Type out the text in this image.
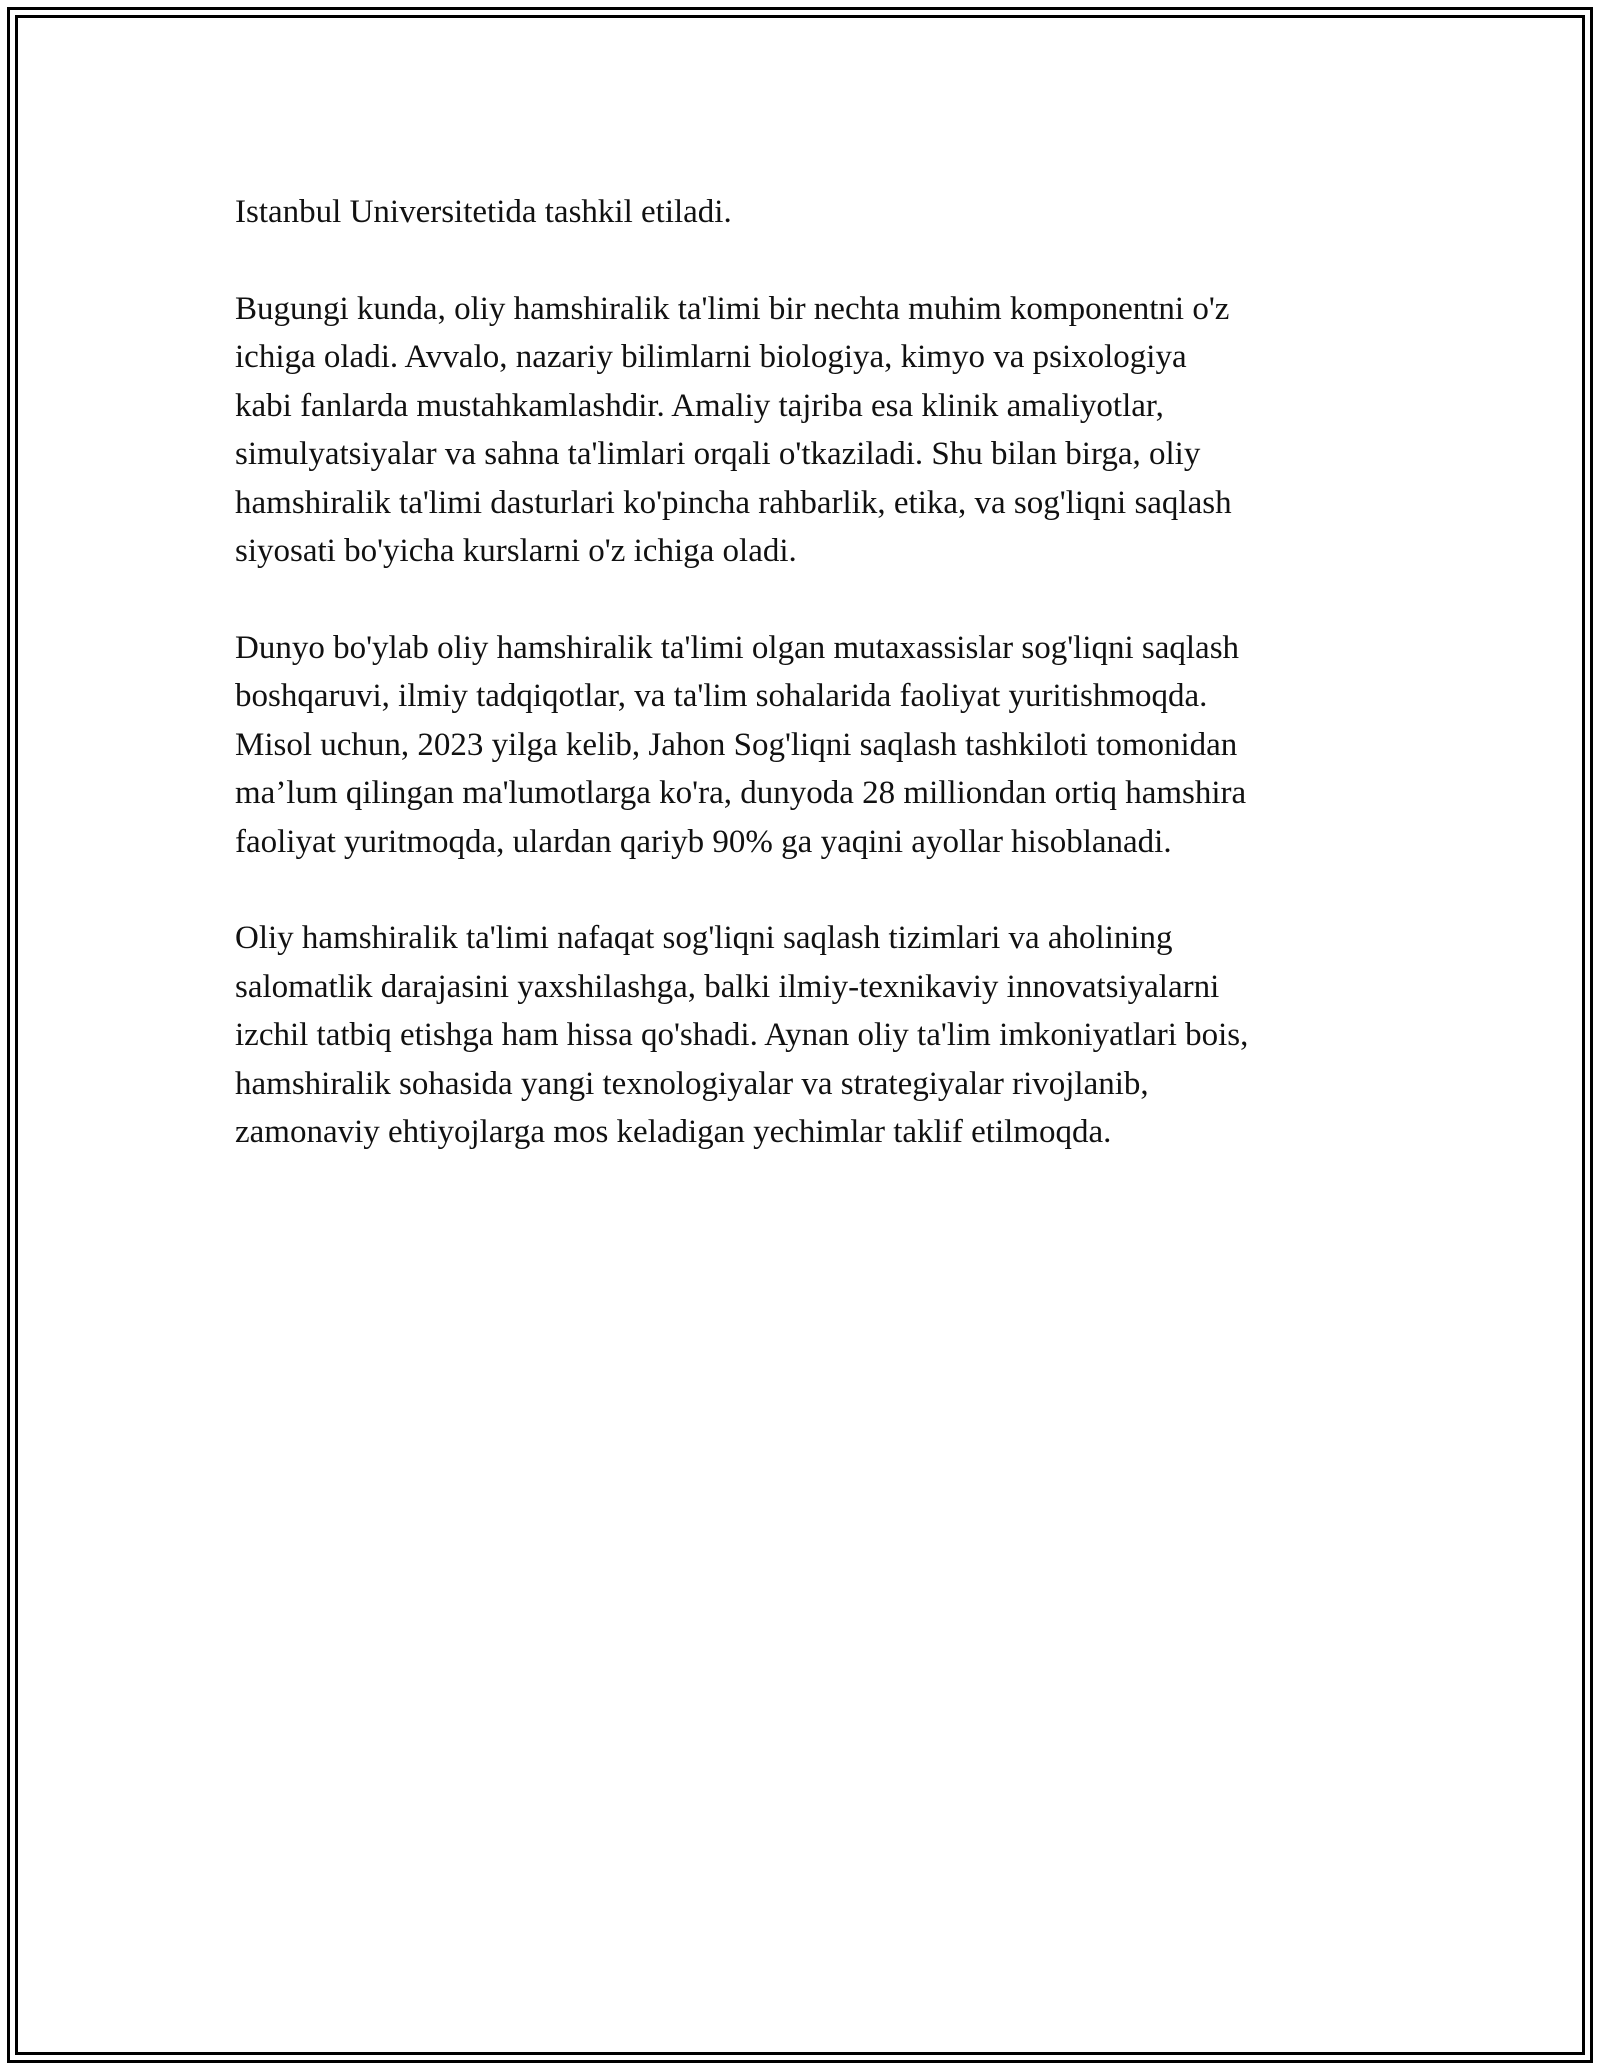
Istanbul Universitetida tashkil etiladi.

Bugungi kunda, oliy hamshiralik ta'limi bir nechta muhim komponentni o'z
ichiga oladi. Avvalo, nazariy bilimlarni biologiya, kimyo va psixologiya
kabi fanlarda mustahkamlashdir. Amaliy tajriba esa klinik amaliyotlar,
simulyatsiyalar va sahna ta'limlari orqali o'tkaziladi. Shu bilan birga, oliy
hamshiralik ta'limi dasturlari ko'pincha rahbarlik, etika, va sog'liqni saqlash
siyosati bo'yicha kurslarni o'z ichiga oladi.

Dunyo bo'ylab oliy hamshiralik ta'limi olgan mutaxassislar sog'liqni saqlash
boshqaruvi, ilmiy tadqiqotlar, va ta'lim sohalarida faoliyat yuritishmoqda.
Misol uchun, 2023 yilga kelib, Jahon Sog'liqni saqlash tashkiloti tomonidan
ma’lum qilingan ma'lumotlarga ko'ra, dunyoda 28 milliondan ortiq hamshira
faoliyat yuritmoqda, ulardan qariyb 90% ga yaqini ayollar hisoblanadi.

Oliy hamshiralik ta'limi nafaqat sog'liqni saqlash tizimlari va aholining
salomatlik darajasini yaxshilashga, balki ilmiy-texnikaviy innovatsiyalarni
izchil tatbiq etishga ham hissa qo'shadi. Aynan oliy ta'lim imkoniyatlari bois,
hamshiralik sohasida yangi texnologiyalar va strategiyalar rivojlanib,
zamonaviy ehtiyojlarga mos keladigan yechimlar taklif etilmoqda.
